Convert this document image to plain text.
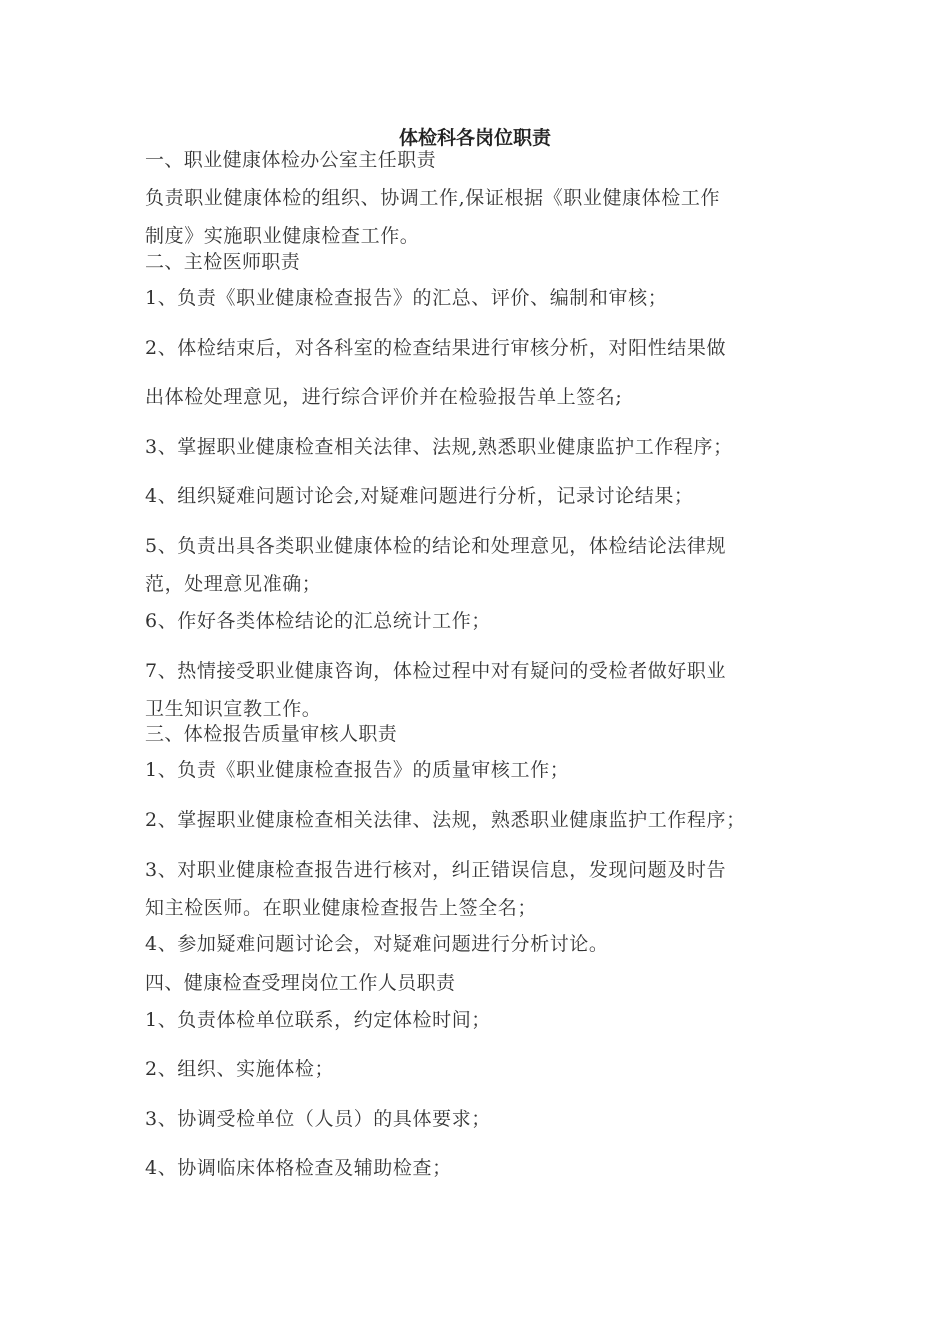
体检科各岗位职责
一、职业健康体检办公室主任职责
负责职业健康体检的组织、协调工作,保证根据《职业健康体检工作
制度》实施职业健康检查工作。
二、主检医师职责
1、负责《职业健康检查报告》的汇总、评价、编制和审核；
2、体检结束后，对各科室的检查结果进行审核分析，对阳性结果做
出体检处理意见，进行综合评价并在检验报告单上签名;
3、掌握职业健康检查相关法律、法规,熟悉职业健康监护工作程序；
4、组织疑难问题讨论会,对疑难问题进行分析，记录讨论结果；
5、负责出具各类职业健康体检的结论和处理意见，体检结论法律规
范，处理意见准确；
6、作好各类体检结论的汇总统计工作；
7、热情接受职业健康咨询，体检过程中对有疑问的受检者做好职业
卫生知识宣教工作。
三、体检报告质量审核人职责
1、负责《职业健康检查报告》的质量审核工作；
2、掌握职业健康检查相关法律、法规，熟悉职业健康监护工作程序；
3、对职业健康检查报告进行核对，纠正错误信息，发现问题及时告
知主检医师。在职业健康检查报告上签全名；
4、参加疑难问题讨论会，对疑难问题进行分析讨论。
四、健康检查受理岗位工作人员职责
1、负责体检单位联系，约定体检时间；
2、组织、实施体检；
3、协调受检单位（人员）的具体要求；
4、协调临床体格检查及辅助检查；
